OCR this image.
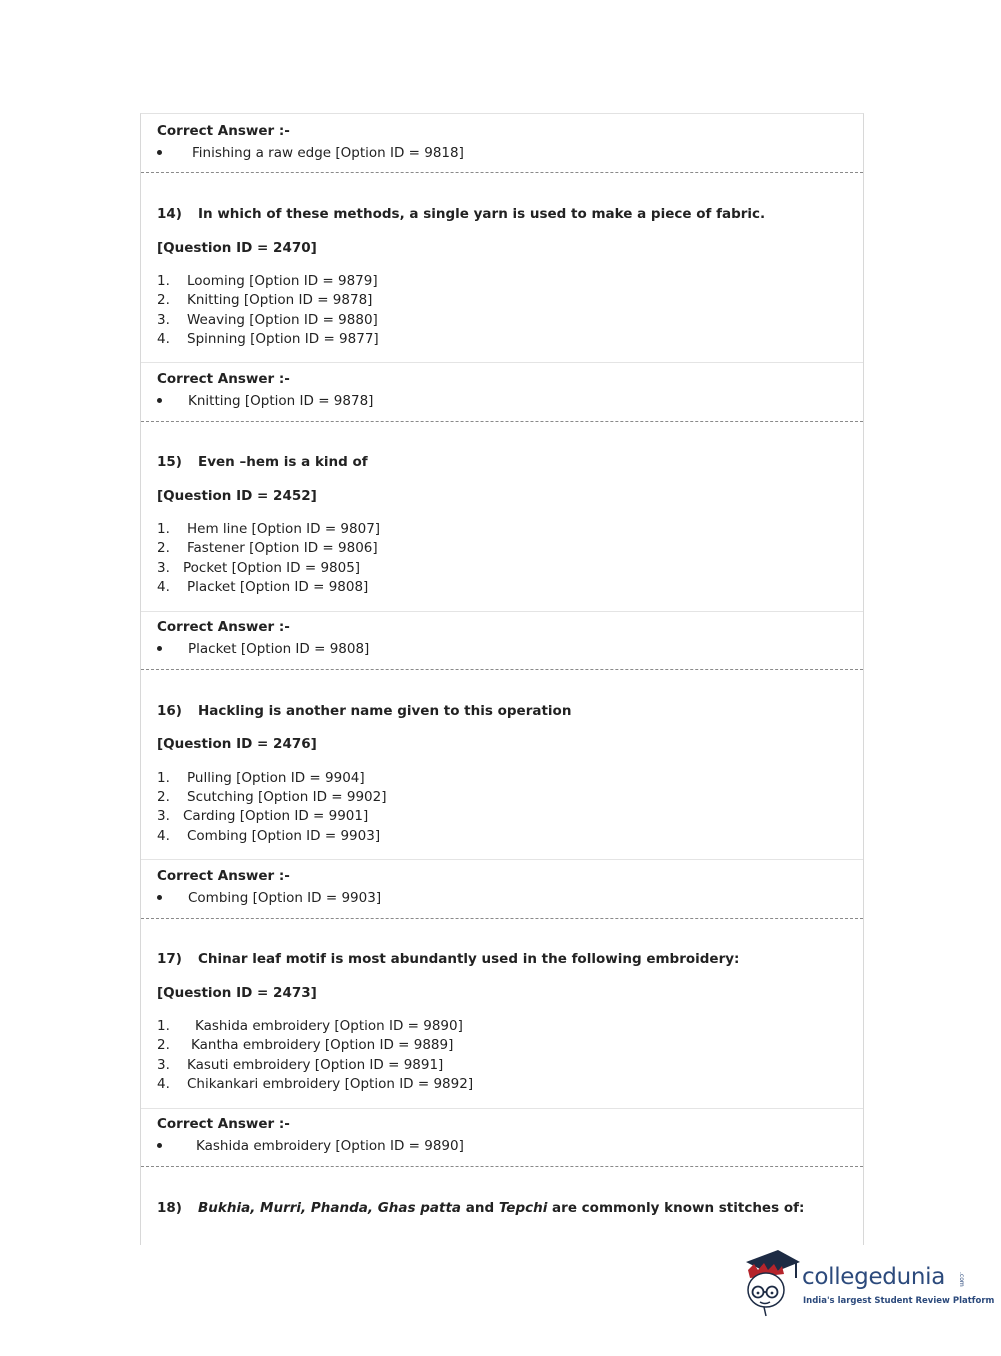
Correct Answer :-
Finishing a raw edge [Option ID = 9818]
14) In which of these methods, a single yarn is used to make a piece of fabric.
[Question ID = 2470]
1. Looming [Option ID = 9879]
2. Knitting [Option ID = 9878]
3. Weaving [Option ID = 9880]
4. Spinning [Option ID = 9877]
Correct Answer :-
Knitting [Option ID = 9878]
15) Even –hem is a kind of
[Question ID = 2452]
1. Hem line [Option ID = 9807]
2. Fastener [Option ID = 9806]
3. Pocket [Option ID = 9805]
4. Placket [Option ID = 9808]
Correct Answer :-
Placket [Option ID = 9808]
16) Hackling is another name given to this operation
[Question ID = 2476]
1. Pulling [Option ID = 9904]
2. Scutching [Option ID = 9902]
3. Carding [Option ID = 9901]
4. Combing [Option ID = 9903]
Correct Answer :-
Combing [Option ID = 9903]
17) Chinar leaf motif is most abundantly used in the following embroidery:
[Question ID = 2473]
1. Kashida embroidery [Option ID = 9890]
2. Kantha embroidery [Option ID = 9889]
3. Kasuti embroidery [Option ID = 9891]
4. Chikankari embroidery [Option ID = 9892]
Correct Answer :-
Kashida embroidery [Option ID = 9890]
18) Bukhia, Murri, Phanda, Ghas patta and Tepchi are commonly known stitches of:
collegedunia .com
India's largest Student Review Platform
